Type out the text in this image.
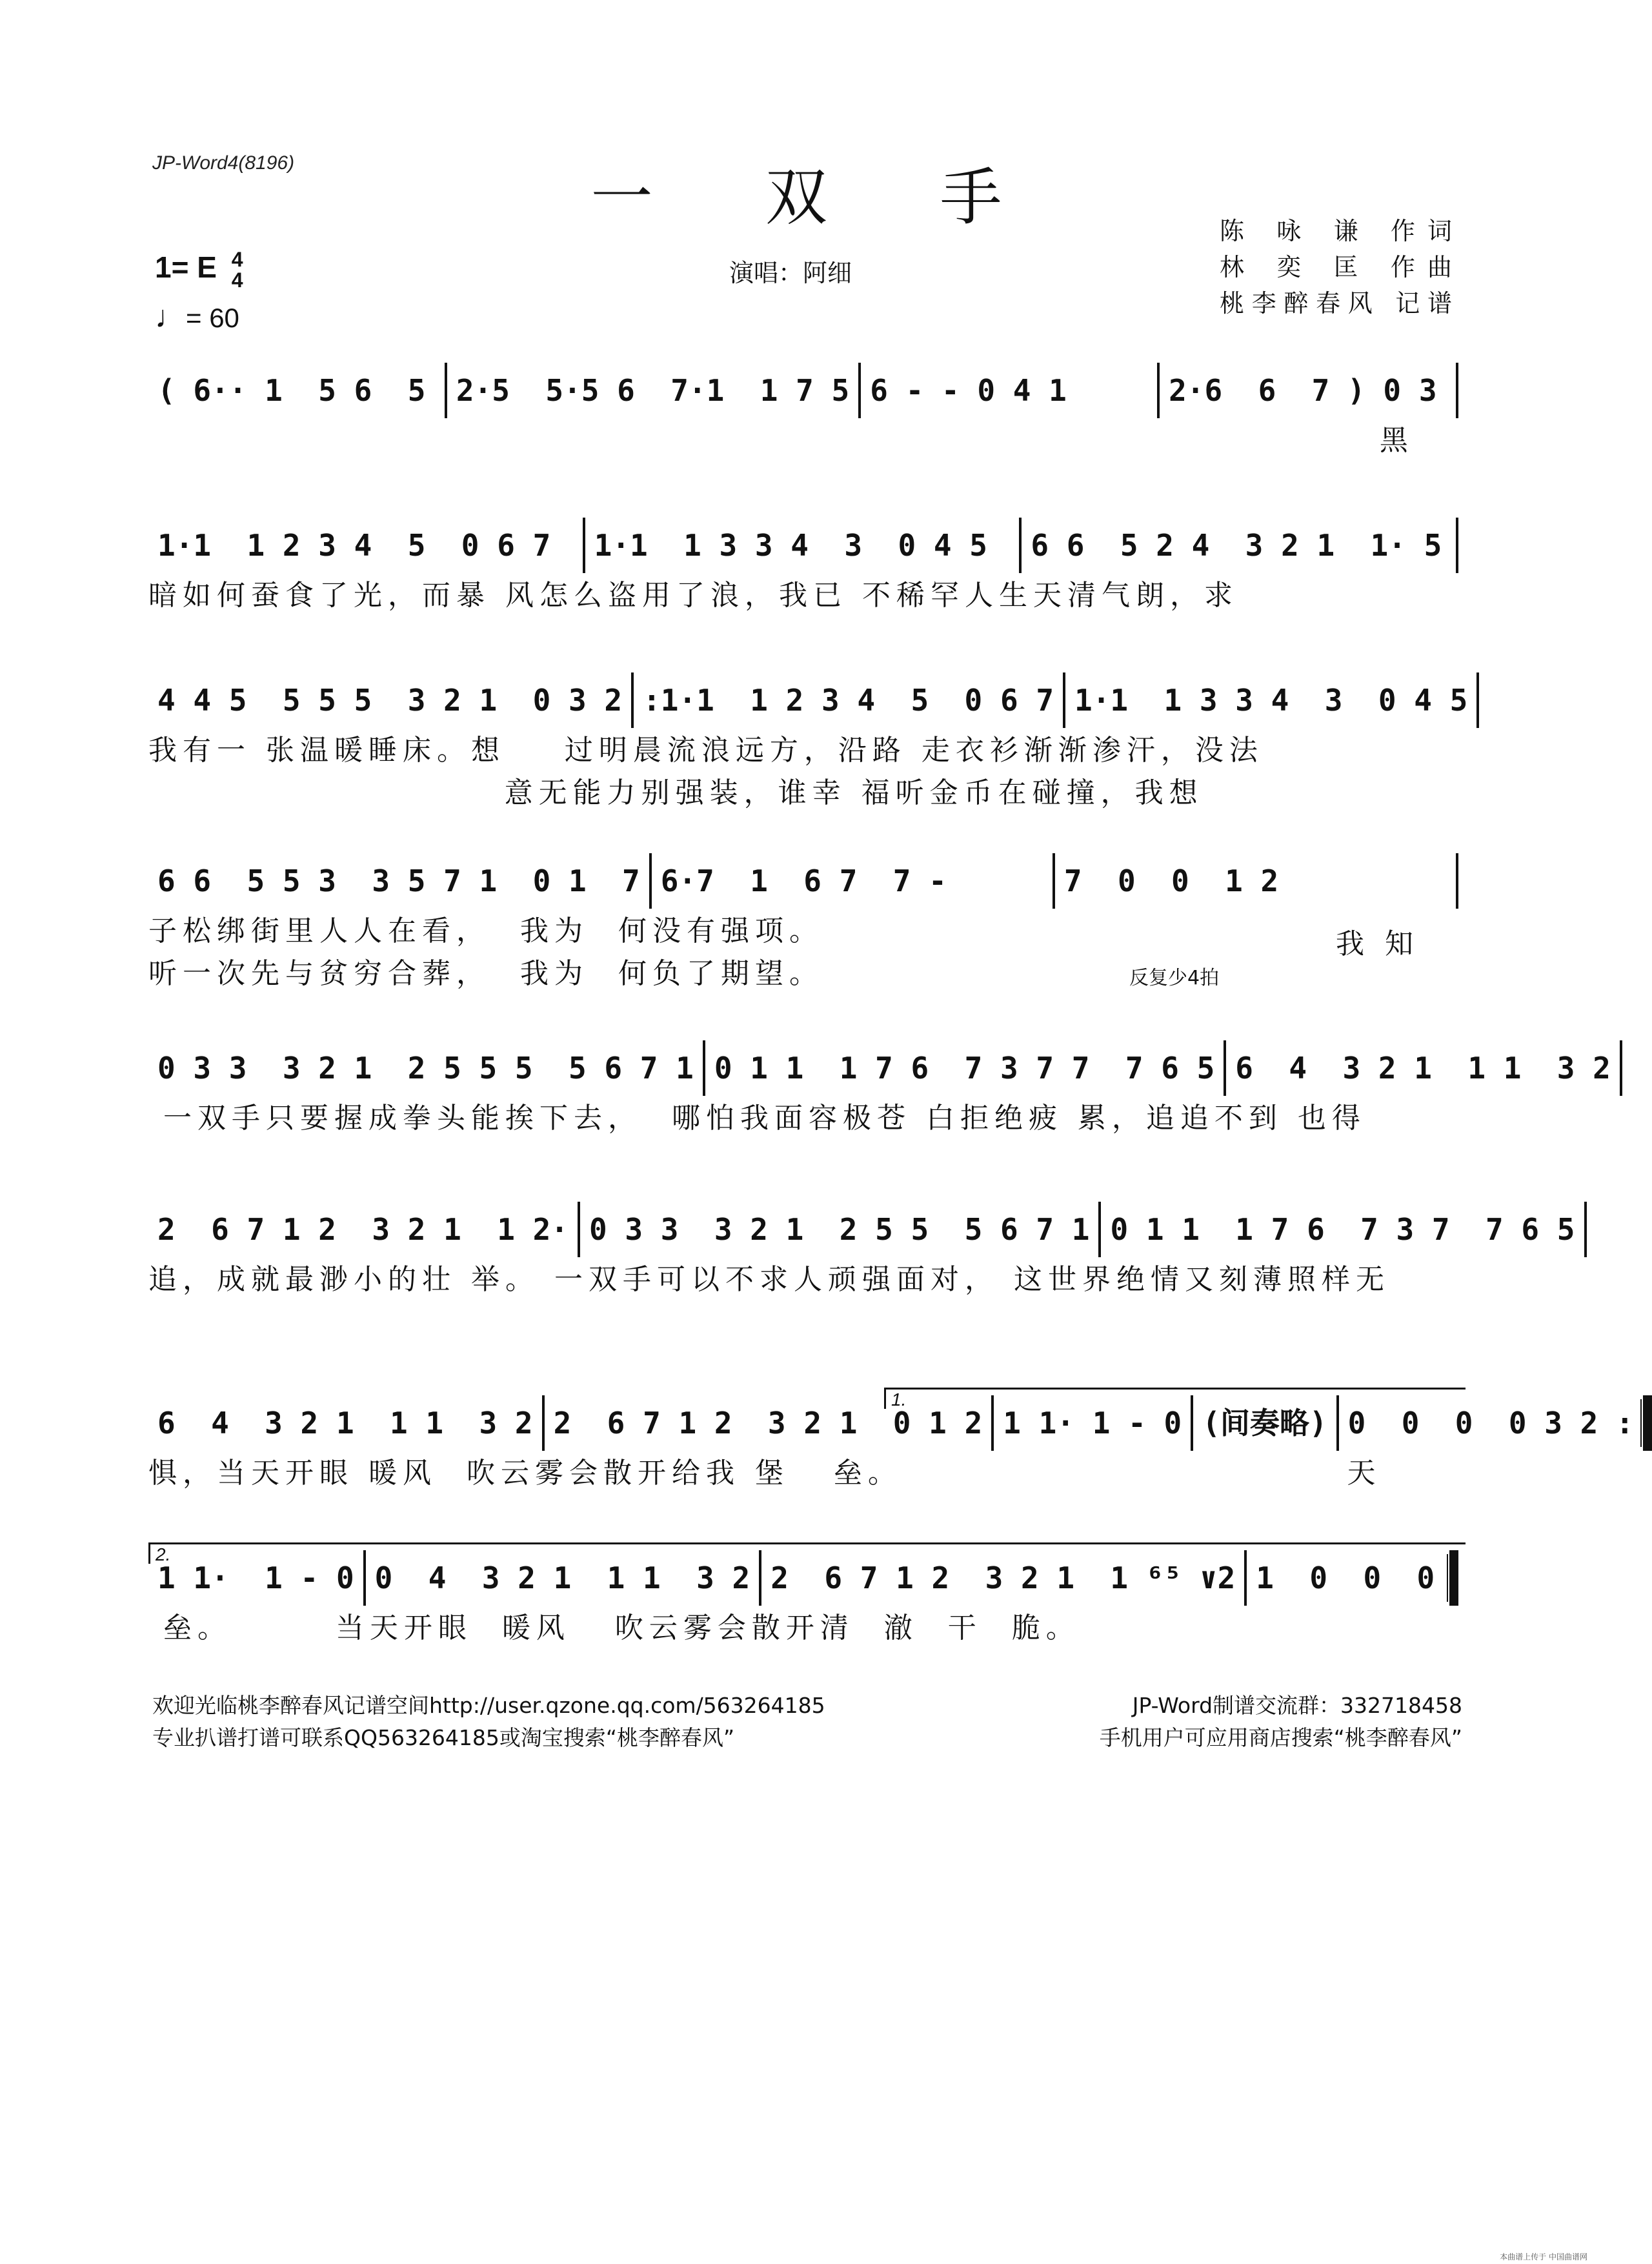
JP-Word4(8196)	一 双 手
演唱：阿细
陈 咏 谦 作词
林 奕 匡 作曲
桃李醉春风 记谱
1= E 4
4
♩= 60
( 6·· 1  5 6  5	2·5  5·5 6  7·1  1 7 5 6 - - 0 4 1	2·6  6  7 ) 0 3
黑
1·1  1 2 3 4  5  0 6 7	1·1  1 3 3 4  3  0 4 5	6 6  5 2 4  3 2 1  1· 5
暗如何蚕食了光，而暴 风怎么盗用了浪，我已 不稀罕人生天清气朗，求
4 4 5  5 5 5  3 2 1  0 3 2 :1·1  1 2 3 4  5  0 6 7 1·1  1 3 3 4  3  0 4 5
我有一 张温暖睡床。想    过明晨流浪远方，沿路 走衣衫渐渐渗汗，没法
意无能力别强装，谁幸 福听金币在碰撞，我想
6 6  5 5 3  3 5 7 1  0 1  7 6·7  1  6 7  7 -	7  0  0  1 2
子松绑街里人人在看，  我为  何没有强项。
听一次先与贫穷合葬，  我为  何负了期望。	反复少4拍
我 知
0 3 3  3 2 1  2 5 5 5  5 6 7 1 0 1 1  1 7 6  7 3 7 7  7 6 5 6  4  3 2 1  1 1  3 2
一双手只要握成拳头能挨下去，  哪怕我面容极苍 白拒绝疲 累，追追不到 也得
2  6 7 1 2  3 2 1  1 2· 0 3 3  3 2 1  2 5 5  5 6 7 1 0 1 1  1 7 6  7 3 7  7 6 5
追，成就最渺小的壮 举。 一双手可以不求人顽强面对， 这世界绝情又刻薄照样无
6  4  3 2 1  1 1  3 2 2  6 7 1 2  3 2 1  0 1 2 1 1· 1 - 0 (间奏略) 0  0  0  0 3 2 :
惧，当天开眼 暖风  吹云雾会散开给我 堡   垒。                              天
1.
1 1·  1 - 0 0  4  3 2 1  1 1  3 2 2  6 7 1 2  3 2 1  1 ⁶⁵ ∨2 1  0  0  0
垒。       当天开眼  暖风   吹云雾会散开清  澈  干  脆。
2.
欢迎光临桃李醉春风记谱空间http://user.qzone.qq.com/563264185	JP-Word制谱交流群：332718458
专业扒谱打谱可联系QQ563264185或淘宝搜索“桃李醉春风”	手机用户可应用商店搜索“桃李醉春风”
本曲谱上传于 中国曲谱网
